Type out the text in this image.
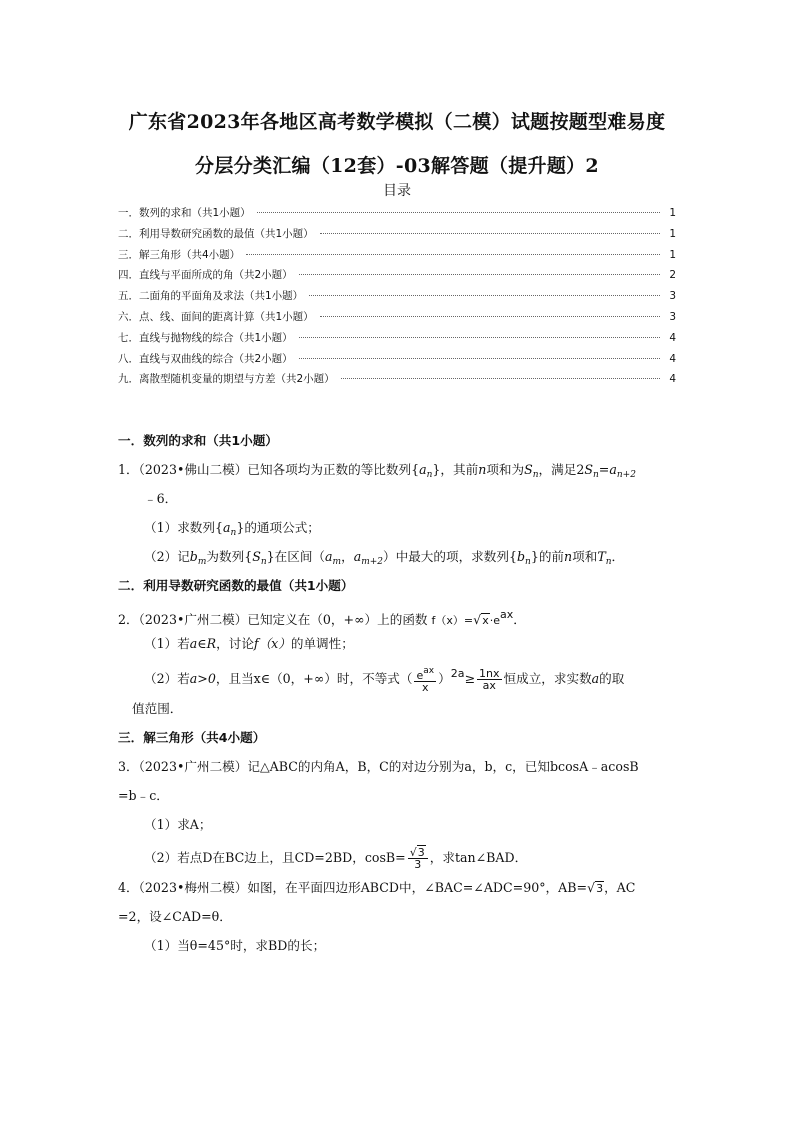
广东省2023年各地区高考数学模拟（二模）试题按题型难易度
分层分类汇编（12套）-03解答题（提升题）2
目录
一．数列的求和（共1小题）	1
二．利用导数研究函数的最值（共1小题）	1
三．解三角形（共4小题）	1
四．直线与平面所成的角（共2小题）	2
五．二面角的平面角及求法（共1小题）	3
六．点、线、面间的距离计算（共1小题）	3
七．直线与抛物线的综合（共1小题）	4
八．直线与双曲线的综合（共2小题）	4
九．离散型随机变量的期望与方差（共2小题）	4
一．数列的求和（共1小题）
1．（2023•佛山二模）已知各项均为正数的等比数列$\{a_n\}$，其前n项和为$S_n$，满足$2S_n=a_{n+2}$
﹣6．
（1）求数列$\{a_n\}$的通项公式；
（2）记$b_m$为数列$\{S_n\}$在区间（$a_m$，$a_{m+2}$）中最大的项，求数列$\{b_n\}$的前n项和$T_n$．
二．利用导数研究函数的最值（共1小题）
2．（2023•广州二模）已知定义在（0，+∞）上的函数 f（x）=√x·eax．
（1）若a∈R，讨论f（x）的单调性；
（2）若a>0，且当x∈（0，+∞）时，不等式（ $\frac{e^{ax}}{x} )2a\ge \frac{1nx}{ax}$ 恒成立，求实数a的取
值范围．
三．解三角形（共4小题）
3．（2023•广州二模）记△ABC的内角A，B，C的对边分别为a，b，c，已知bcosA﹣acosB
=b﹣c．
（1）求A；
（2）若点D在BC边上，且CD=2BD，$\cos B= \frac{√3}{3}$ ，求tan∠BAD．
4．（2023•梅州二模）如图，在平面四边形ABCD中，∠BAC=∠ADC=90°，AB=√3，AC
=2，设∠CAD=θ．
（1）当θ=45°时，求BD的长；
